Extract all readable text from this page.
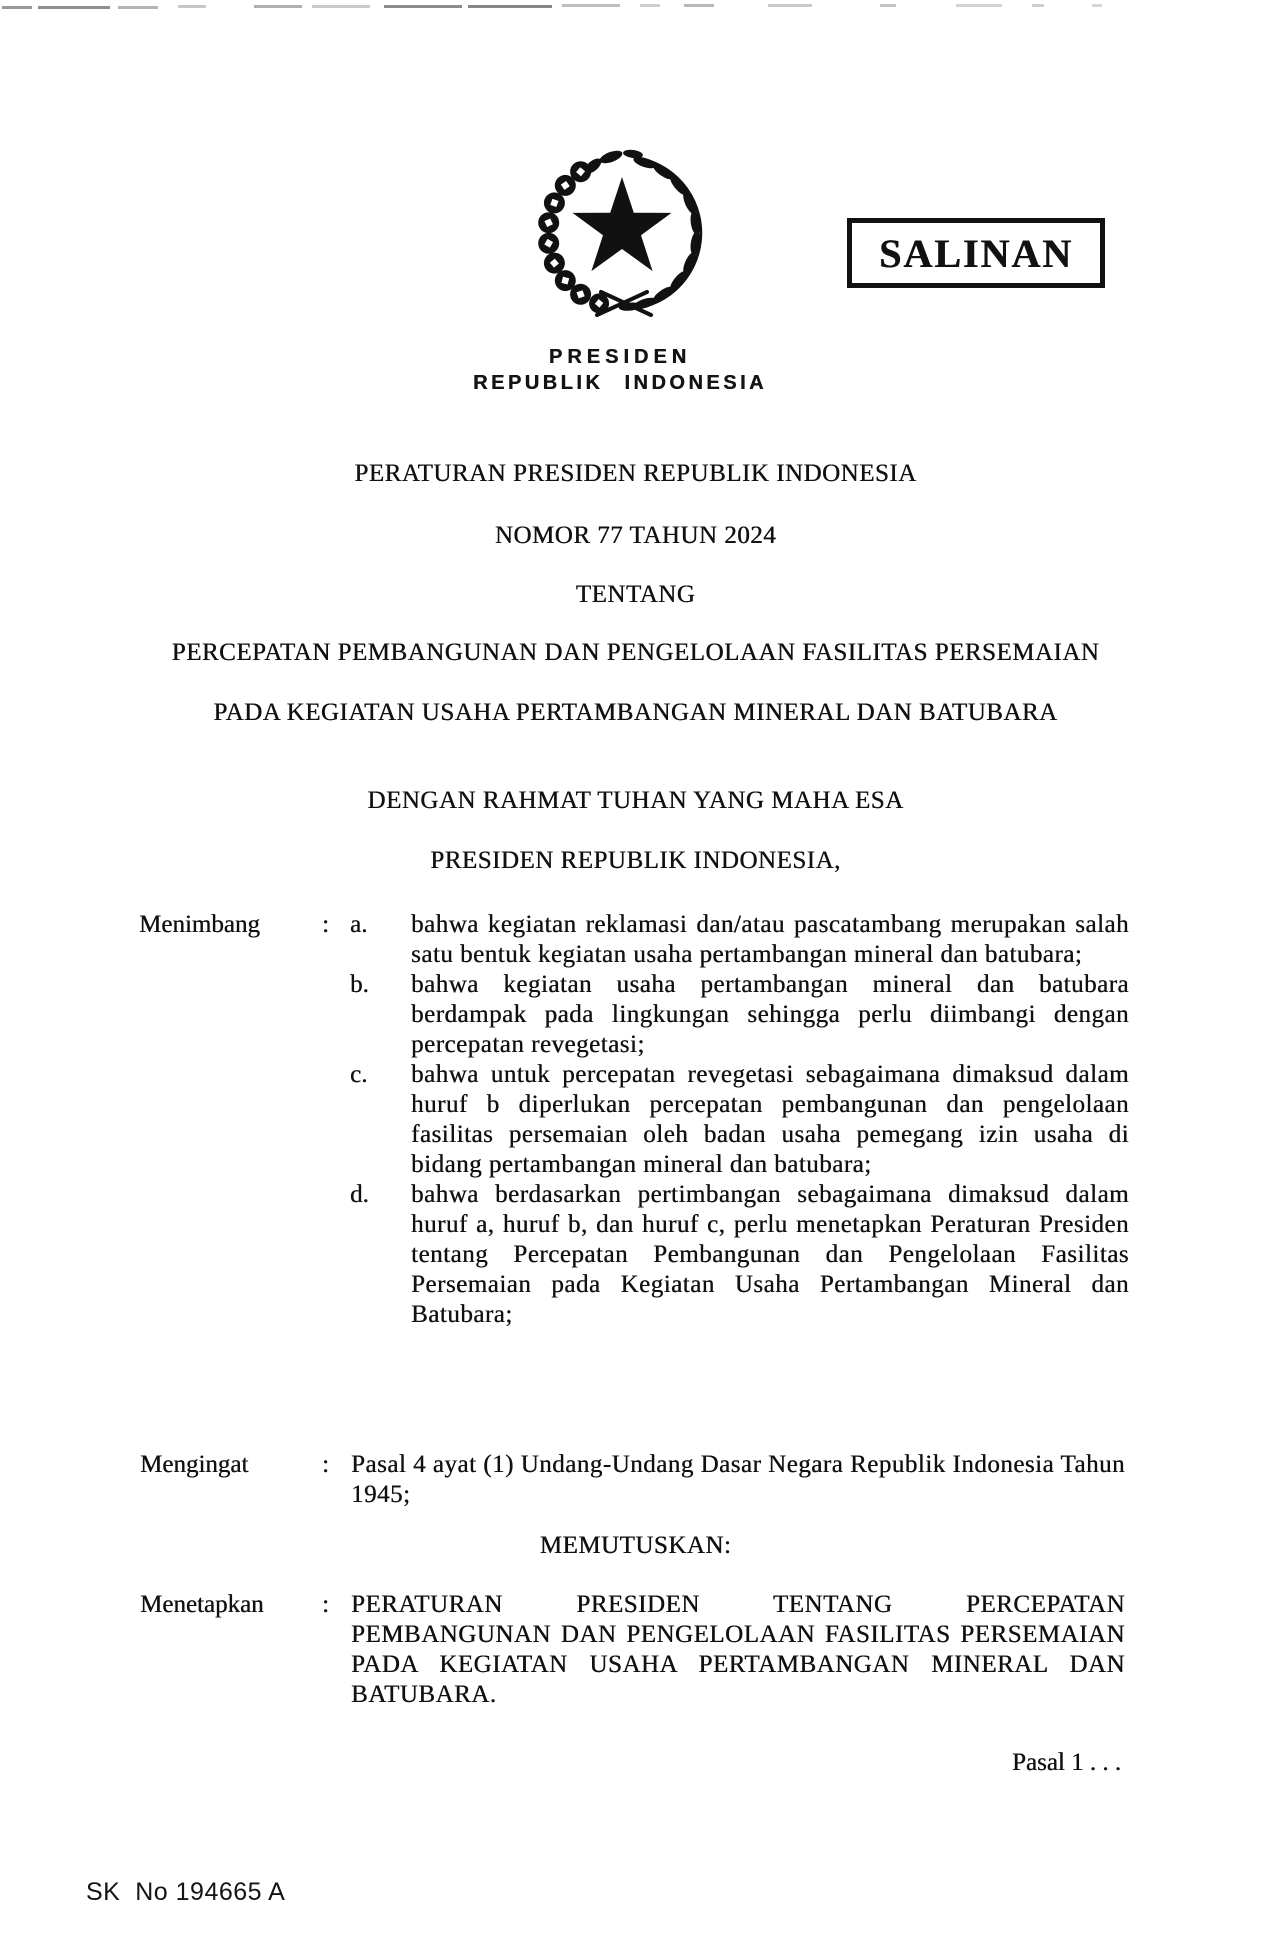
SALINAN
PRESIDEN
REPUBLIK INDONESIA
PERATURAN PRESIDEN REPUBLIK INDONESIA
NOMOR 77 TAHUN 2024
TENTANG
PERCEPATAN PEMBANGUNAN DAN PENGELOLAAN FASILITAS PERSEMAIAN
PADA KEGIATAN USAHA PERTAMBANGAN MINERAL DAN BATUBARA
DENGAN RAHMAT TUHAN YANG MAHA ESA
PRESIDEN REPUBLIK INDONESIA,
Menimbang : a.	bahwa kegiatan reklamasi dan/atau pascatambang merupakan salah satu bentuk kegiatan usaha pertambangan mineral dan batubara;
b.	bahwa kegiatan usaha pertambangan mineral dan batubara berdampak pada lingkungan sehingga perlu diimbangi dengan percepatan revegetasi;
c.	bahwa untuk percepatan revegetasi sebagaimana dimaksud dalam huruf b diperlukan percepatan pembangunan dan pengelolaan fasilitas persemaian oleh badan usaha pemegang izin usaha di bidang pertambangan mineral dan batubara;
d.	bahwa berdasarkan pertimbangan sebagaimana dimaksud dalam huruf a, huruf b, dan huruf c, perlu menetapkan Peraturan Presiden tentang Percepatan Pembangunan dan Pengelolaan Fasilitas Persemaian pada Kegiatan Usaha Pertambangan Mineral dan Batubara;
Mengingat	: Pasal 4 ayat (1) Undang-Undang Dasar Negara Republik Indonesia Tahun 1945;
MEMUTUSKAN:
Menetapkan : PERATURAN PRESIDEN TENTANG PERCEPATAN PEMBANGUNAN DAN PENGELOLAAN FASILITAS PERSEMAIAN PADA KEGIATAN USAHA PERTAMBANGAN MINERAL DAN BATUBARA.
Pasal 1 . . .
SK  No 194665 A
